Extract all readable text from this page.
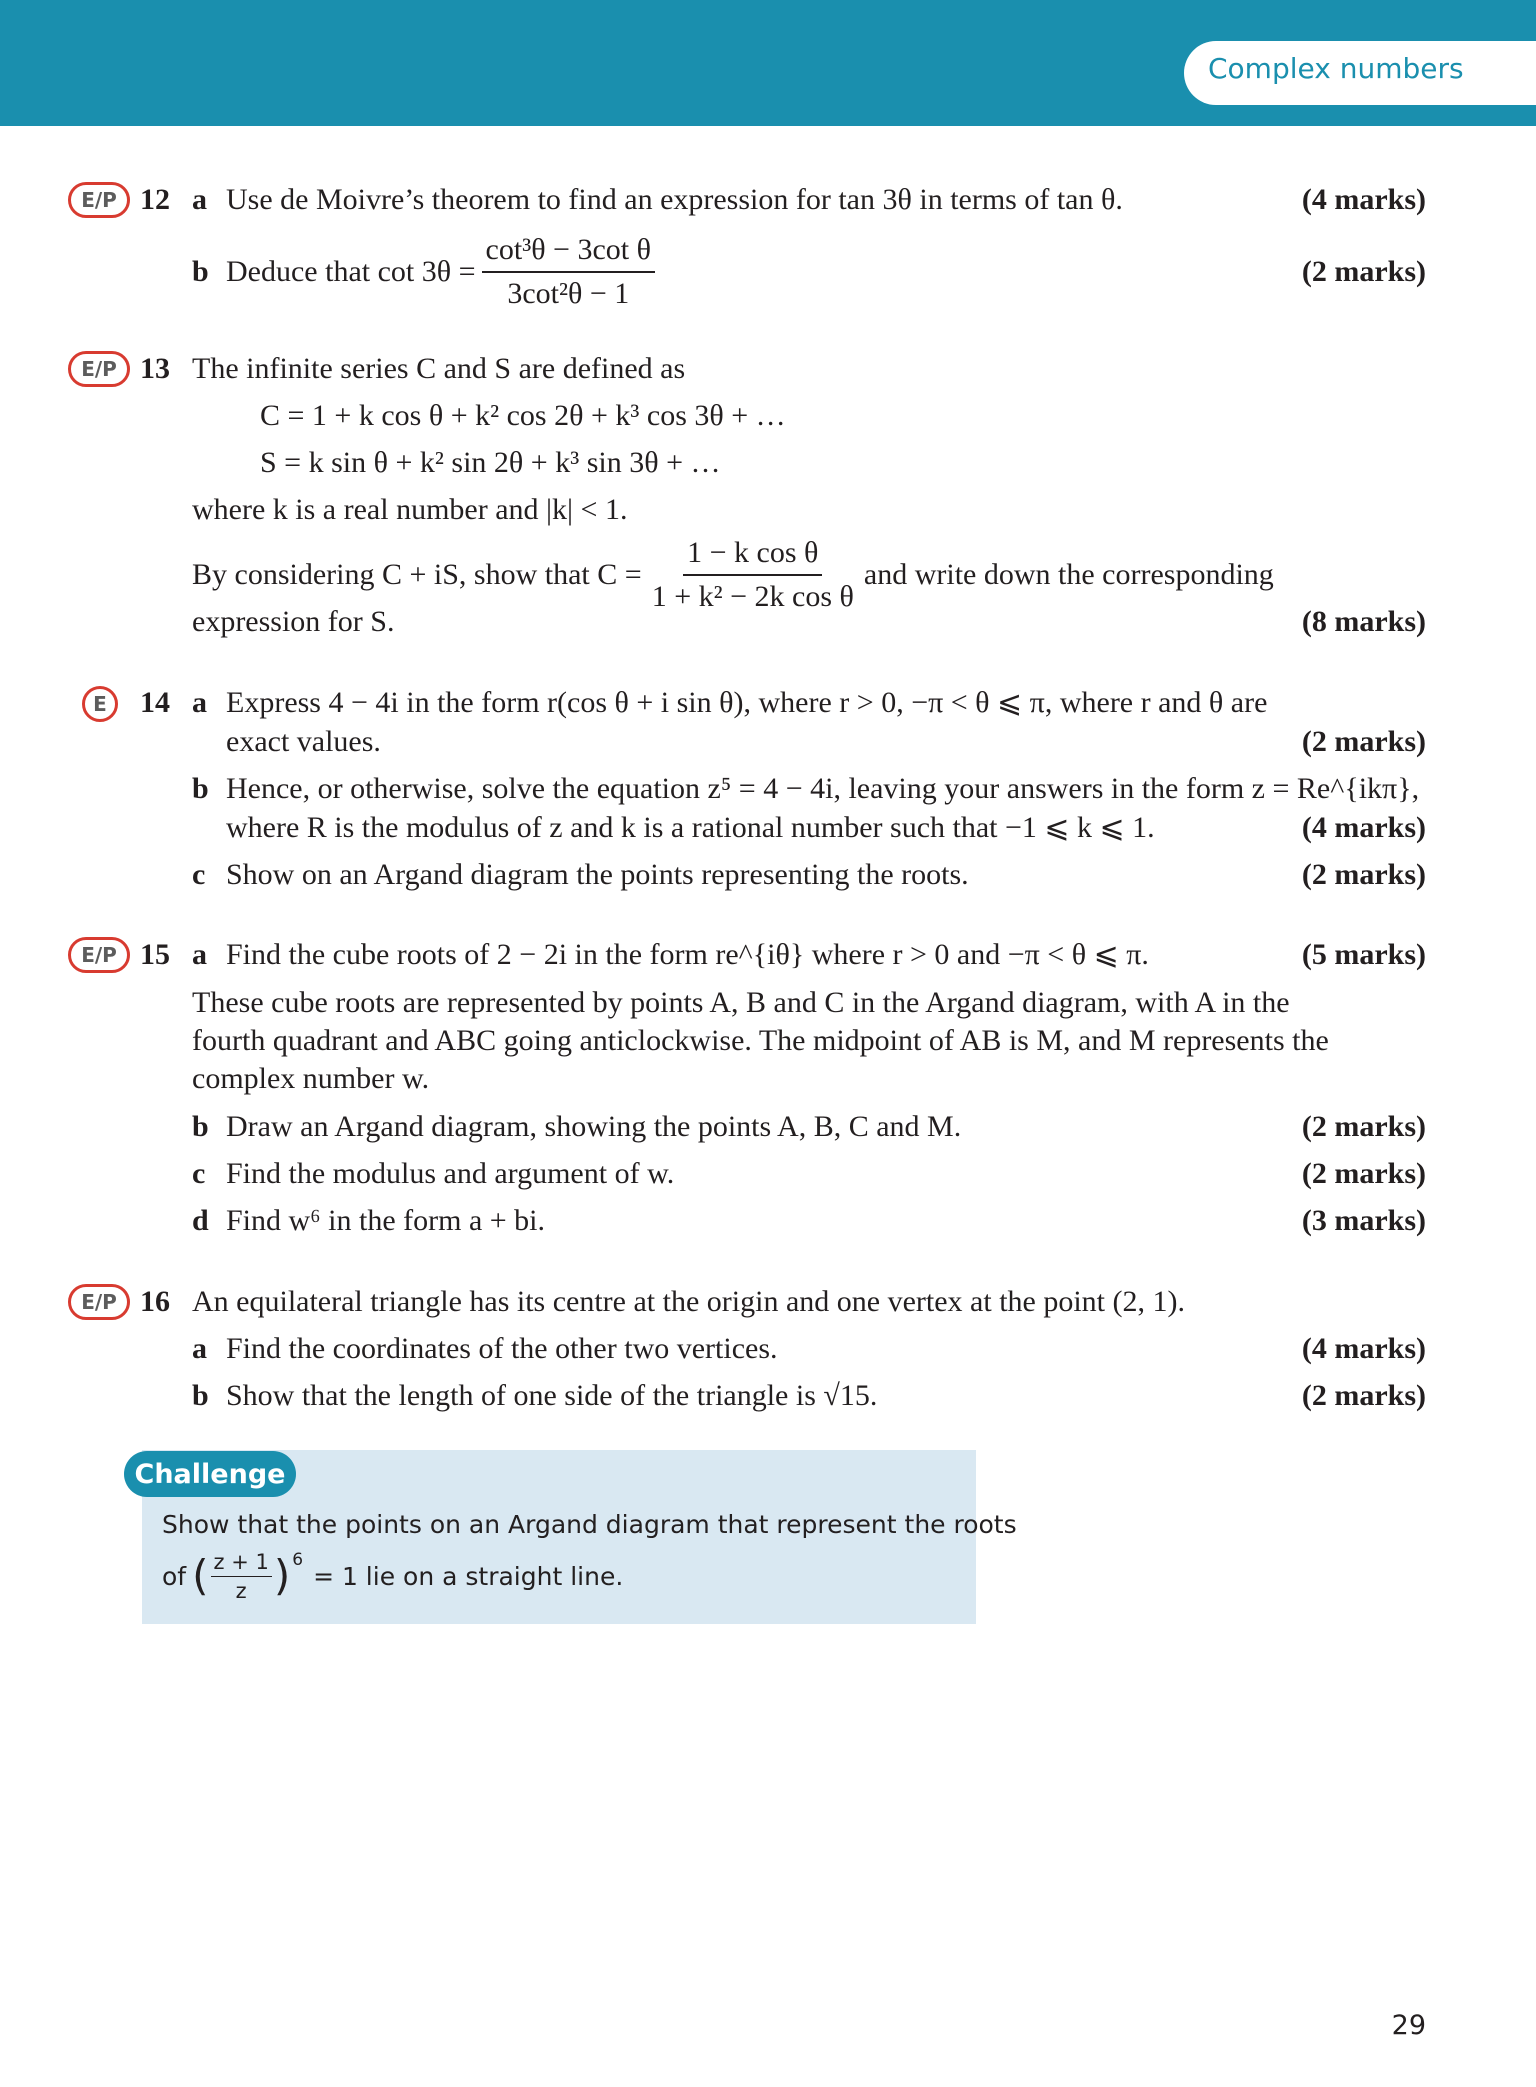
Complex numbers
E/P 12 a Use de Moivre’s theorem to find an expression for tan 3θ in terms of tan θ.	(4 marks)
b Deduce that $\cot 3\theta = \frac{\text{cot³θ − 3cot θ}}{\text{3cot²θ − 1}}$	(2 marks)
E/P 13 The infinite series C and S are defined as
C = 1 + k cos θ + k² cos 2θ + k³ cos 3θ + …
S = k sin θ + k² sin 2θ + k³ sin 3θ + …
where k is a real number and |k| < 1.
By considering C + iS, show that $C = \frac{\text{1 − k cos θ}}{\text{1 + k² − 2k cos θ}}$ and write down the corresponding
expression for S.	(8 marks)
E	14 a Express 4 − 4i in the form r(cos θ + i sin θ), where r > 0, −π < θ ⩽ π, where r and θ are
exact values.	(2 marks)
b Hence, or otherwise, solve the equation z⁵ = 4 − 4i, leaving your answers in the form z = Re^{ikπ},
where R is the modulus of z and k is a rational number such that −1 ⩽ k ⩽ 1.	(4 marks)
c Show on an Argand diagram the points representing the roots.	(2 marks)
E/P 15 a Find the cube roots of 2 − 2i in the form re^{iθ} where r > 0 and −π < θ ⩽ π.	(5 marks)
These cube roots are represented by points A, B and C in the Argand diagram, with A in the
fourth quadrant and ABC going anticlockwise. The midpoint of AB is M, and M represents the
complex number w.
b Draw an Argand diagram, showing the points A, B, C and M.	(2 marks)
c Find the modulus and argument of w.	(2 marks)
d Find w⁶ in the form a + bi.	(3 marks)
E/P 16 An equilateral triangle has its centre at the origin and one vertex at the point (2, 1).
a Find the coordinates of the other two vertices.	(4 marks)
b Show that the length of one side of the triangle is √15.	(2 marks)
Challenge
Show that the points on an Argand diagram that represent the roots
of ( $\frac{z + 1}{z}$ ) 6
= 1 lie on a straight line.
29
